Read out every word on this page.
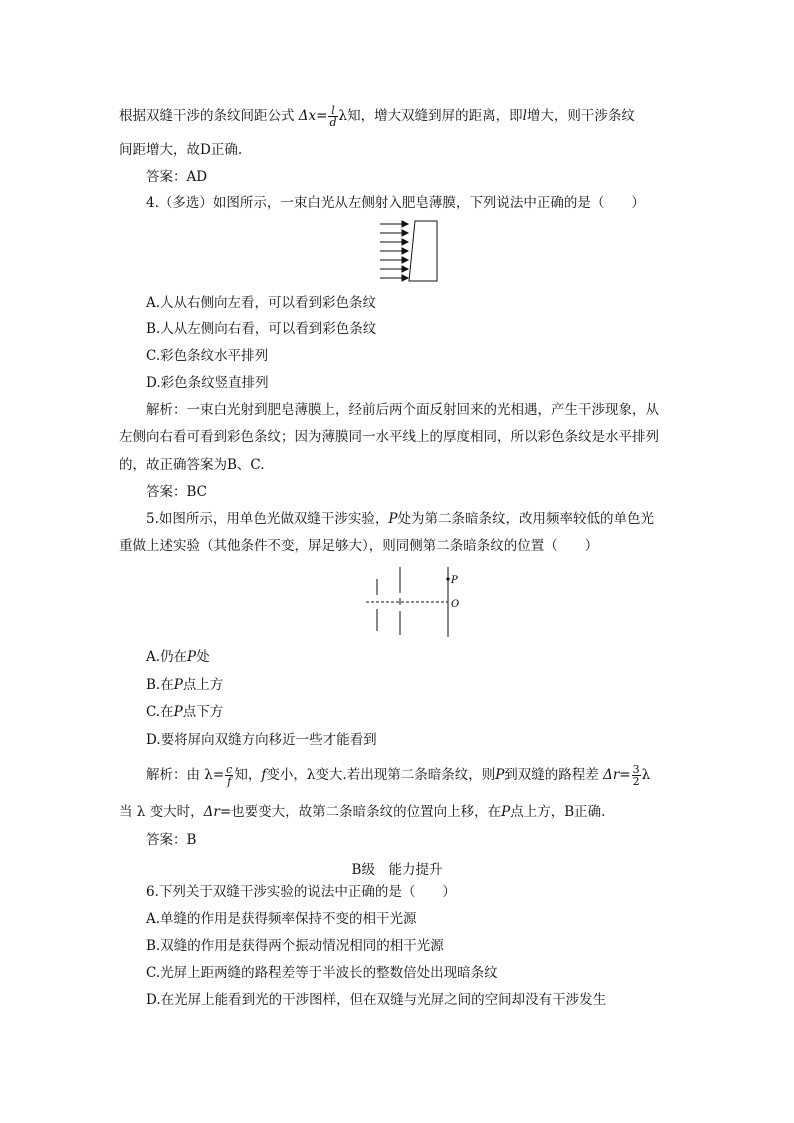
根据双缝干涉的条纹间距公式 $\Delta x= \frac{l}{d}$ λ知，增大双缝到屏的距离，即l增大，则干涉条纹
间距增大，故D正确.
答案：AD
4.（多选）如图所示，一束白光从左侧射入肥皂薄膜，下列说法中正确的是（　　）
A.人从右侧向左看，可以看到彩色条纹
B.人从左侧向右看，可以看到彩色条纹
C.彩色条纹水平排列
D.彩色条纹竖直排列
解析：一束白光射到肥皂薄膜上，经前后两个面反射回来的光相遇，产生干涉现象，从
左侧向右看可看到彩色条纹；因为薄膜同一水平线上的厚度相同，所以彩色条纹是水平排列
的，故正确答案为B、C.
答案：BC
5.如图所示，用单色光做双缝干涉实验，P处为第二条暗条纹，改用频率较低的单色光
重做上述实验（其他条件不变，屏足够大），则同侧第二条暗条纹的位置（　　）
P
O
A.仍在P处
B.在P点上方
C.在P点下方
D.要将屏向双缝方向移近一些才能看到
解析：由 $\lambda= \frac{c}{f}$ 知，f变小，λ变大.若出现第二条暗条纹，则P到双缝的路程差 $\Delta r= \frac{3}{2}$ λ
当 λ 变大时，Δr=也要变大，故第二条暗条纹的位置向上移，在P点上方，B正确.
答案：B
B级　能力提升
6.下列关于双缝干涉实验的说法中正确的是（　　）
A.单缝的作用是获得频率保持不变的相干光源
B.双缝的作用是获得两个振动情况相同的相干光源
C.光屏上距两缝的路程差等于半波长的整数倍处出现暗条纹
D.在光屏上能看到光的干涉图样，但在双缝与光屏之间的空间却没有干涉发生
